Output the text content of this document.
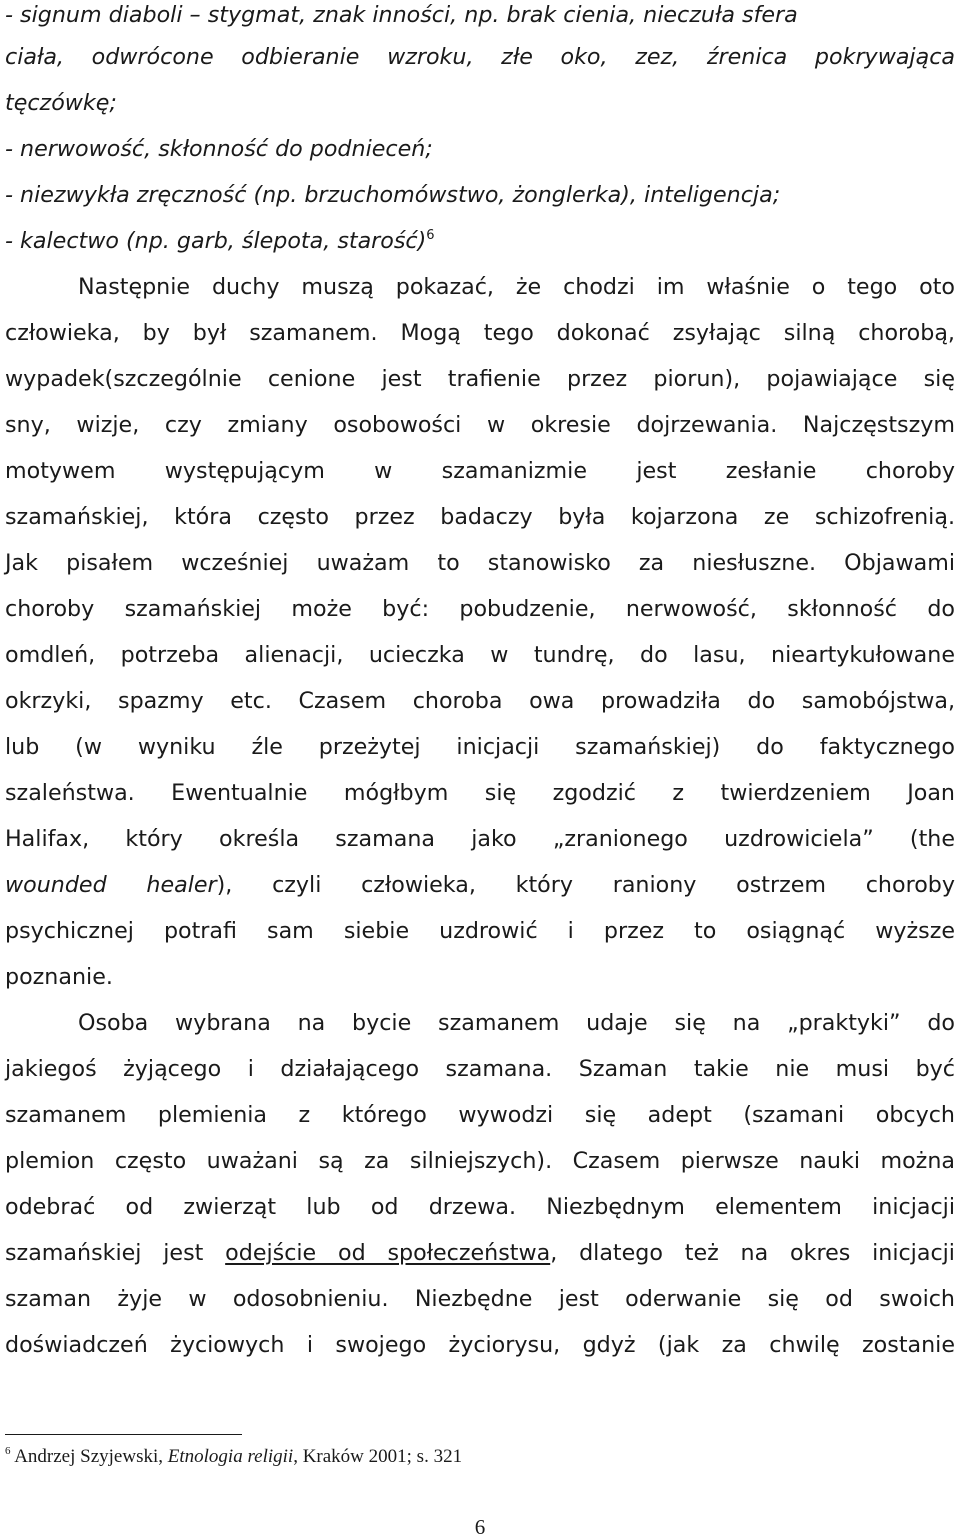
- signum diaboli – stygmat, znak inności, np. brak cienia, nieczuła sfera

ciała, odwrócone odbieranie wzroku, złe oko, zez, źrenica pokrywająca

tęczówkę;

- nerwowość, skłonność do podnieceń;

- niezwykła zręczność (np. brzuchomówstwo, żonglerka), inteligencja;

- kalectwo (np. garb, ślepota, starość)$^6$

Następnie duchy muszą pokazać, że chodzi im właśnie o tego oto

człowieka, by był szamanem. Mogą tego dokonać zsyłając silną chorobą,

wypadek(szczególnie cenione jest trafienie przez piorun), pojawiające się

sny, wizje, czy zmiany osobowości w okresie dojrzewania. Najczęstszym

motywem występującym w szamanizmie jest zesłanie choroby

szamańskiej, która często przez badaczy była kojarzona ze schizofrenią.

Jak pisałem wcześniej uważam to stanowisko za niesłuszne. Objawami

choroby szamańskiej może być: pobudzenie, nerwowość, skłonność do

omdleń, potrzeba alienacji, ucieczka w tundrę, do lasu, nieartykułowane

okrzyki, spazmy etc. Czasem choroba owa prowadziła do samobójstwa,

lub (w wyniku źle przeżytej inicjacji szamańskiej) do faktycznego

szaleństwa. Ewentualnie mógłbym się zgodzić z twierdzeniem Joan

Halifax, który określa szamana jako „zranionego uzdrowiciela” (the

wounded healer), czyli człowieka, który raniony ostrzem choroby

psychicznej potrafi sam siebie uzdrowić i przez to osiągnąć wyższe

poznanie.

Osoba wybrana na bycie szamanem udaje się na „praktyki” do

jakiegoś żyjącego i działającego szamana. Szaman takie nie musi być

szamanem plemienia z którego wywodzi się adept (szamani obcych

plemion często uważani są za silniejszych). Czasem pierwsze nauki można

odebrać od zwierząt lub od drzewa. Niezbędnym elementem inicjacji

szamańskiej jest odejście od społeczeństwa, dlatego też na okres inicjacji

szaman żyje w odosobnieniu. Niezbędne jest oderwanie się od swoich

doświadczeń życiowych i swojego życiorysu, gdyż (jak za chwilę zostanie

$^6$ Andrzej Szyjewski, Etnologia religii, Kraków 2001; s. 321
6
